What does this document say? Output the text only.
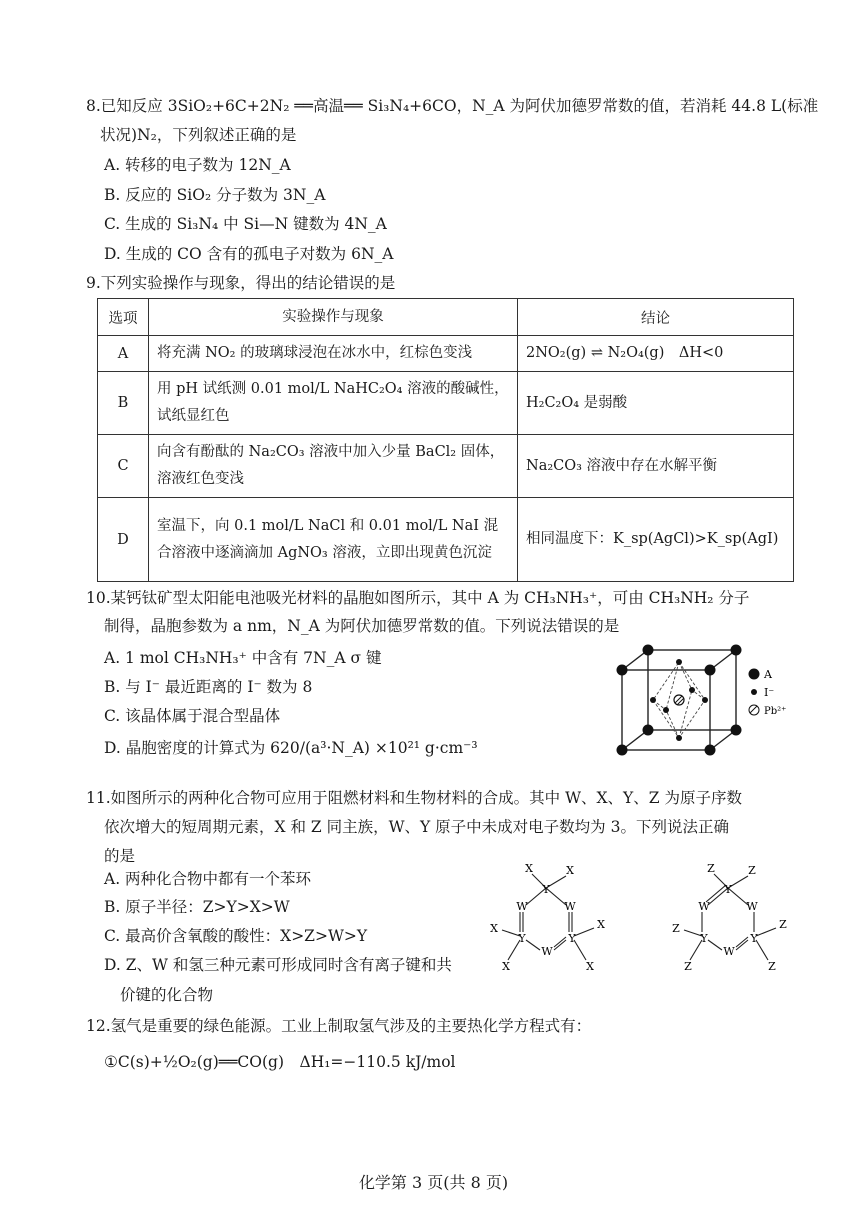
8.已知反应 3SiO₂+6C+2N₂ ══高温══ Si₃N₄+6CO，N_A 为阿伏加德罗常数的值，若消耗 44.8 L(标准
状况)N₂，下列叙述正确的是
A. 转移的电子数为 12N_A
B. 反应的 SiO₂ 分子数为 3N_A
C. 生成的 Si₃N₄ 中 Si—N 键数为 4N_A
D. 生成的 CO 含有的孤电子对数为 6N_A
9.下列实验操作与现象，得出的结论错误的是
选项	实验操作与现象	结论
A	将充满 NO₂ 的玻璃球浸泡在冰水中，红棕色变浅	2NO₂(g) ⇌ N₂O₄(g)　ΔH<0
B	用 pH 试纸测 0.01 mol/L NaHC₂O₄ 溶液的酸碱性，试纸显红色	H₂C₂O₄ 是弱酸
C	向含有酚酞的 Na₂CO₃ 溶液中加入少量 BaCl₂ 固体，溶液红色变浅	Na₂CO₃ 溶液中存在水解平衡
D	室温下，向 0.1 mol/L NaCl 和 0.01 mol/L NaI 混合溶液中逐滴滴加 AgNO₃ 溶液，立即出现黄色沉淀	相同温度下：K_sp(AgCl)>K_sp(AgI)
10.某钙钛矿型太阳能电池吸光材料的晶胞如图所示，其中 A 为 CH₃NH₃⁺，可由 CH₃NH₂ 分子
制得，晶胞参数为 a nm，N_A 为阿伏加德罗常数的值。下列说法错误的是
A. 1 mol CH₃NH₃⁺ 中含有 7N_A σ 键
B. 与 I⁻ 最近距离的 I⁻ 数为 8
C. 该晶体属于混合型晶体
D. 晶胞密度的计算式为 620/(a³·N_A) ×10²¹ g·cm⁻³
A
I⁻
Pb²⁺
11.如图所示的两种化合物可应用于阻燃材料和生物材料的合成。其中 W、X、Y、Z 为原子序数
依次增大的短周期元素，X 和 Z 同主族，W、Y 原子中未成对电子数均为 3。下列说法正确
的是
A. 两种化合物中都有一个苯环
B. 原子半径：Z>Y>X>W
C. 最高价含氧酸的酸性：X>Z>W>Y
D. Z、W 和氢三种元素可形成同时含有离子键和共
价键的化合物
Y
W	W
Y	Y
W
X	X
X
X
X
X
Y
W	W
Y	Y
W
Z	Z
Z
Z
Z
Z
12.氢气是重要的绿色能源。工业上制取氢气涉及的主要热化学方程式有：
①C(s)+½O₂(g)══CO(g)　ΔH₁=−110.5 kJ/mol
化学第 3 页(共 8 页)
